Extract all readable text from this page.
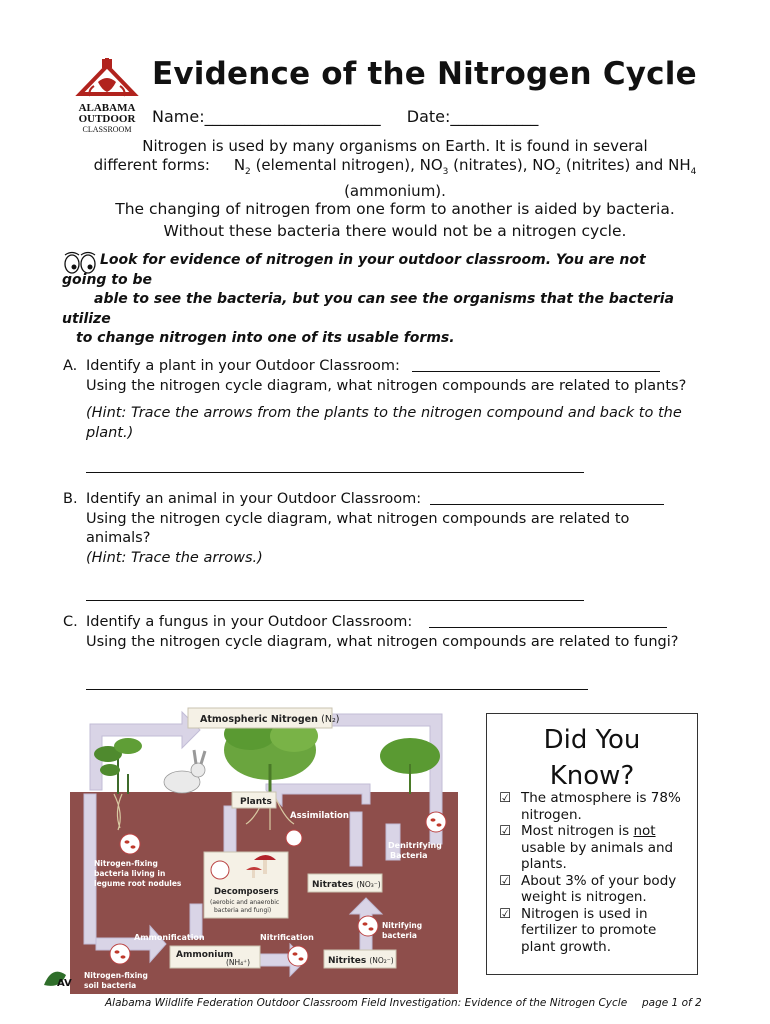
ALABAMA
OUTDOOR
CLASSROOM
Evidence of the Nitrogen Cycle
Name:______________________ Date:___________
Nitrogen is used by many organisms on Earth. It is found in several
different forms: $N_2$ (elemental nitrogen), $NO_3$ (nitrates), $NO_2$ (nitrites) and $NH_4$
(ammonium).
The changing of nitrogen from one form to another is aided by bacteria.
Without these bacteria there would not be a nitrogen cycle.
Look for evidence of nitrogen in your outdoor classroom. You are not
going to be
able to see the bacteria, but you can see the organisms that the bacteria
utilize
to change nitrogen into one of its usable forms.
A. Identify a plant in your Outdoor Classroom:
Using the nitrogen cycle diagram, what nitrogen compounds are related to plants?
(Hint: Trace the arrows from the plants to the nitrogen compound and back to the
plant.)
B. Identify an animal in your Outdoor Classroom:
Using the nitrogen cycle diagram, what nitrogen compounds are related to
animals?
(Hint: Trace the arrows.)
C. Identify a fungus in your Outdoor Classroom:
Using the nitrogen cycle diagram, what nitrogen compounds are related to fungi?
Atmospheric Nitrogen (N₂)
Plants
Assimilation
Denitrifying
Bacteria
Nitrogen-fixing
bacteria living in
legume root nodules
Decomposers
(aerobic and anaerobic
bacteria and fungi)
Nitrates (NO₃⁻)
Nitrifying
bacteria
Ammonification	Nitrification
Ammonium
(NH₄⁺)	Nitrites (NO₂⁻)
Nitrogen-fixing
soil bacteria
Did You
Know?
☑ The atmosphere is 78% nitrogen.
☑ Most nitrogen is not usable by animals and plants.
☑ About 3% of your body weight is nitrogen.
☑ Nitrogen is used in fertilizer to promote plant growth.
AV
Alabama Wildlife Federation Outdoor Classroom Field Investigation: Evidence of the Nitrogen Cycle page 1 of 2
